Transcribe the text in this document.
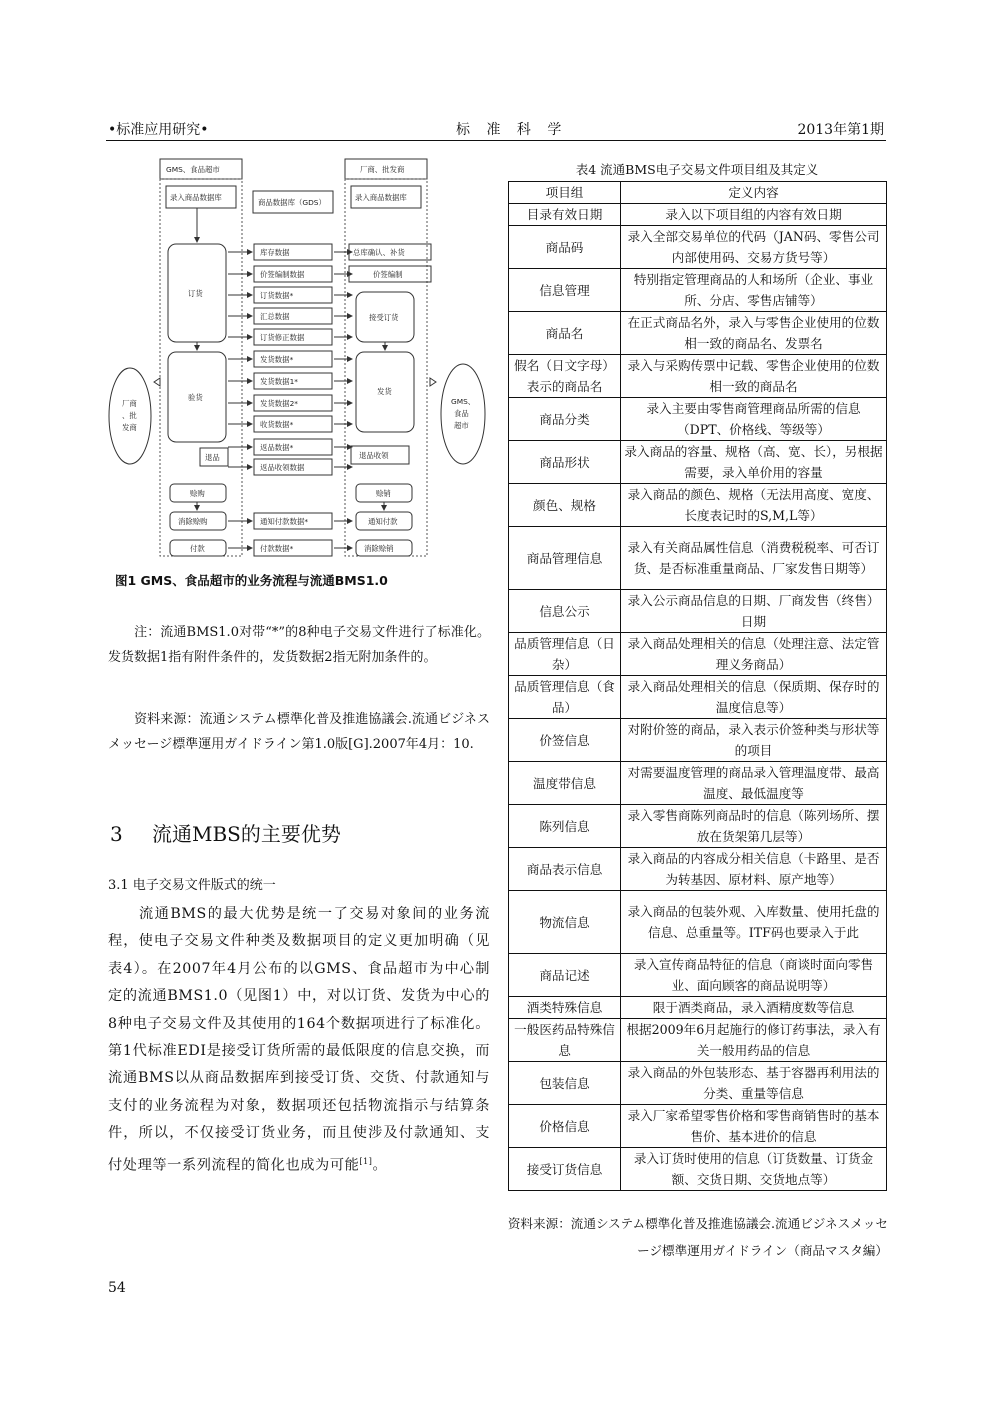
•标准应用研究•	标 准 科 学	2013年第1期
GMS、食品超市	厂商、批发商
录入商品数据库
商品数据库（GDS）
录入商品数据库
订货
验货
退品
赊购
消除赊购
付款
接受订货
发货
退品收领
赊销
通知付款
消除赊销
库存数据
价签编制数据
订货数据*
汇总数据
订货修正数据
发货数据*
发货数据1*
发货数据2*
收货数据*
返品数据*
返品收领数据
通知付款数据*
付款数据*
总库确认、补货
价签编制
厂商
、批
发商
GMS、
食品
超市
图1 GMS、食品超市的业务流程与流通BMS1.0
注：流通BMS1.0对带“*”的8种电子交易文件进行了标准化。发货数据1指有附件条件的，发货数据2指无附加条件的。
资料来源：流通システム標準化普及推進協議会.流通ビジネスメッセージ標準運用ガイドライン第1.0版[G].2007年4月：10.
3 流通MBS的主要优势
3.1 电子交易文件版式的统一
流通BMS的最大优势是统一了交易对象间的业务流程，使电子交易文件种类及数据项目的定义更加明确（见表4）。在2007年4月公布的以GMS、食品超市为中心制定的流通BMS1.0（见图1）中，对以订货、发货为中心的8种电子交易文件及其使用的164个数据项进行了标准化。第1代标准EDI是接受订货所需的最低限度的信息交换，而流通BMS以从商品数据库到接受订货、交货、付款通知与支付的业务流程为对象，数据项还包括物流指示与结算条件，所以，不仅接受订货业务，而且使涉及付款通知、支付处理等一系列流程的简化也成为可能[1]。
54
表4 流通BMS电子交易文件项目组及其定义
项目组	定义内容
目录有效日期	录入以下项目组的内容有效日期
商品码	录入全部交易单位的代码（JAN码、零售公司内部使用码、交易方货号等）
信息管理	特别指定管理商品的人和场所（企业、事业所、分店、零售店铺等）
商品名	在正式商品名外，录入与零售企业使用的位数相一致的商品名、发票名
假名（日文字母）表示的商品名	录入与采购传票中记载、零售企业使用的位数相一致的商品名
商品分类	录入主要由零售商管理商品所需的信息（DPT、价格线、等级等）
商品形状	录入商品的容量、规格（高、宽、长），另根据需要，录入单价用的容量
颜色、规格	录入商品的颜色、规格（无法用高度、宽度、长度表记时的S,M,L等）
商品管理信息	录入有关商品属性信息（消费税税率、可否订货、是否标准重量商品、厂家发售日期等）
信息公示	录入公示商品信息的日期、厂商发售（终售）日期
品质管理信息（日杂）	录入商品处理相关的信息（处理注意、法定管理义务商品）
品质管理信息（食品）	录入商品处理相关的信息（保质期、保存时的温度信息等）
价签信息	对附价签的商品，录入表示价签种类与形状等的项目
温度带信息	对需要温度管理的商品录入管理温度带、最高温度、最低温度等
陈列信息	录入零售商陈列商品时的信息（陈列场所、摆放在货架第几层等）
商品表示信息	录入商品的内容成分相关信息（卡路里、是否为转基因、原材料、原产地等）
物流信息	录入商品的包装外观、入库数量、使用托盘的信息、总重量等。ITF码也要录入于此
商品记述	录入宣传商品特征的信息（商谈时面向零售业、面向顾客的商品说明等）
酒类特殊信息	限于酒类商品，录入酒精度数等信息
一般医药品特殊信息	根据2009年6月起施行的修订药事法，录入有关一般用药品的信息
包装信息	录入商品的外包装形态、基于容器再利用法的分类、重量等信息
价格信息	录入厂家希望零售价格和零售商销售时的基本售价、基本进价的信息
接受订货信息	录入订货时使用的信息（订货数量、订货金额、交货日期、交货地点等）
资料来源：流通システム標準化普及推進協議会.流通ビジネスメッセージ標準運用ガイドライン（商品マスタ編）
